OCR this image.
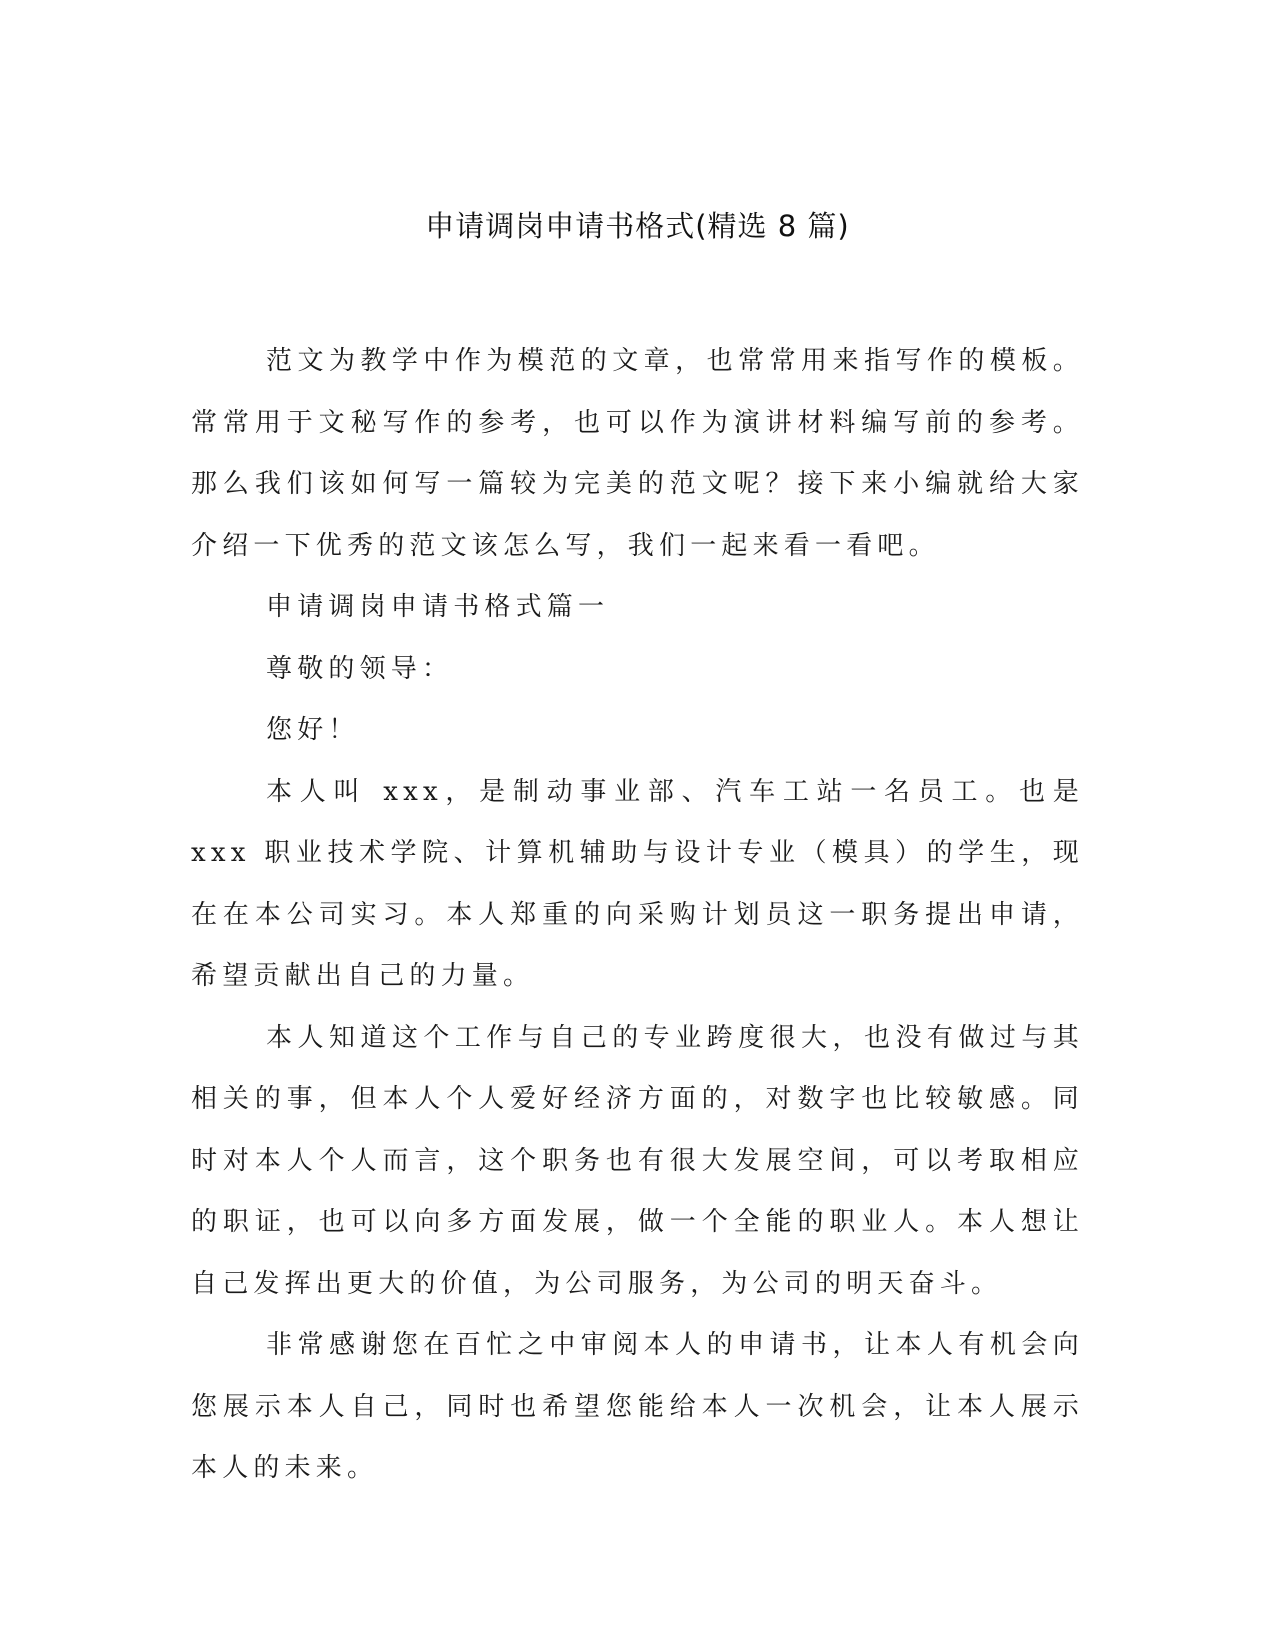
申请调岗申请书格式(精选 8 篇)

范文为教学中作为模范的文章，也常常用来指写作的模板。常常用于文秘写作的参考，也可以作为演讲材料编写前的参考。那么我们该如何写一篇较为完美的范文呢？接下来小编就给大家介绍一下优秀的范文该怎么写，我们一起来看一看吧。

申请调岗申请书格式篇一

尊敬的领导：

您好！

本人叫 xxx，是制动事业部、汽车工站一名员工。也是 xxx 职业技术学院、计算机辅助与设计专业（模具）的学生，现在在本公司实习。本人郑重的向采购计划员这一职务提出申请，希望贡献出自己的力量。

本人知道这个工作与自己的专业跨度很大，也没有做过与其相关的事，但本人个人爱好经济方面的，对数字也比较敏感。同时对本人个人而言，这个职务也有很大发展空间，可以考取相应的职证，也可以向多方面发展，做一个全能的职业人。本人想让自己发挥出更大的价值，为公司服务，为公司的明天奋斗。

非常感谢您在百忙之中审阅本人的申请书，让本人有机会向您展示本人自己，同时也希望您能给本人一次机会，让本人展示本人的未来。
